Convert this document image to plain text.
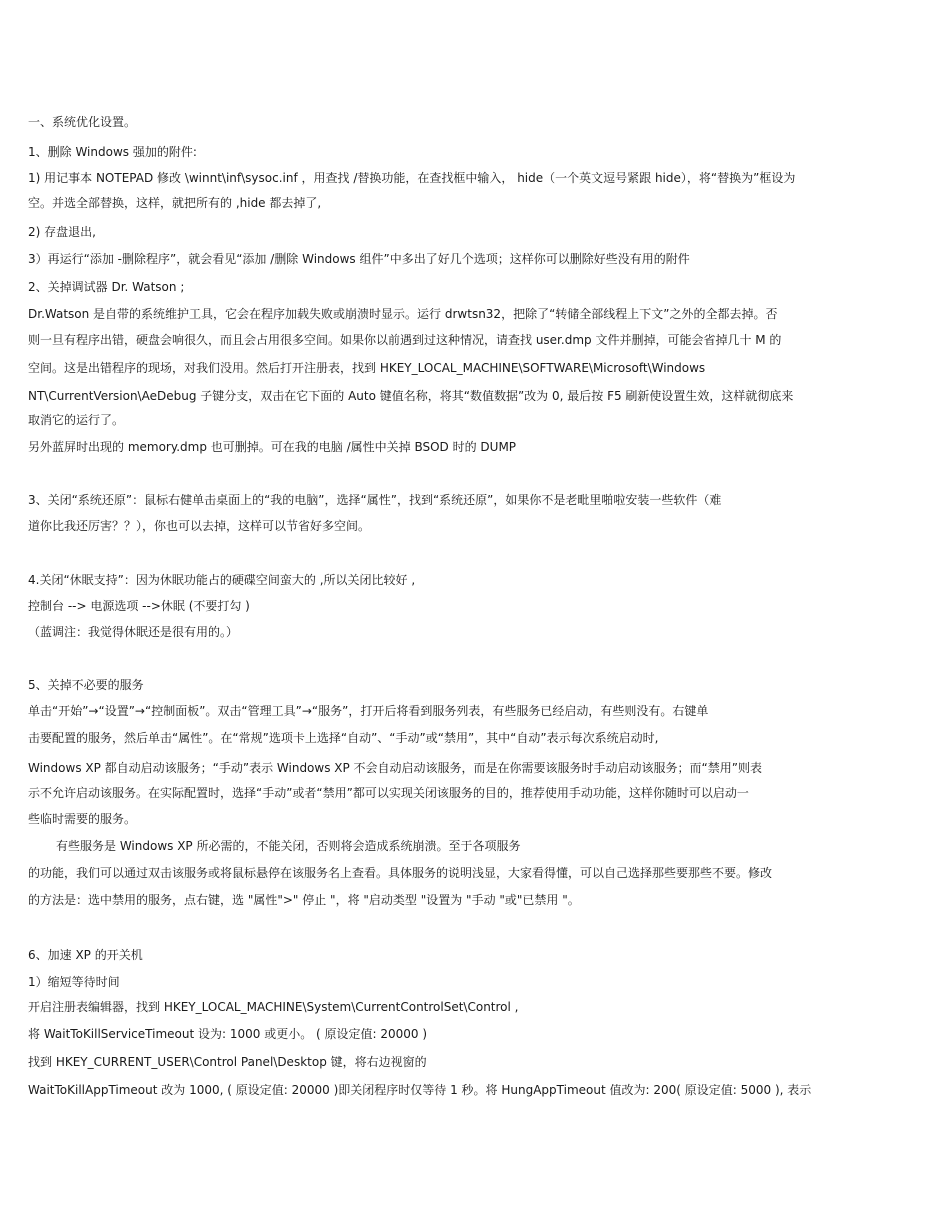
一、系统优化设置。
1、删除 Windows 强加的附件:
1) 用记事本 NOTEPAD 修改 \winnt\inf\sysoc.inf ，用查找 /替换功能，在查找框中输入， hide（一个英文逗号紧跟 hide），将“替换为”框设为
空。并选全部替换，这样，就把所有的 ,hide 都去掉了,
2) 存盘退出,
3）再运行“添加 -删除程序”，就会看见“添加 /删除 Windows 组件”中多出了好几个选项；这样你可以删除好些没有用的附件
2、关掉调试器 Dr. Watson ;
Dr.Watson 是自带的系统维护工具，它会在程序加载失败或崩溃时显示。运行 drwtsn32，把除了“转储全部线程上下文”之外的全都去掉。否
则一旦有程序出错，硬盘会响很久，而且会占用很多空间。如果你以前遇到过这种情况，请查找 user.dmp 文件并删掉，可能会省掉几十 M 的
空间。这是出错程序的现场，对我们没用。然后打开注册表，找到 HKEY_LOCAL_MACHINE\SOFTWARE\Microsoft\Windows
NT\CurrentVersion\AeDebug 子键分支，双击在它下面的 Auto 键值名称，将其“数值数据”改为 0, 最后按 F5 刷新使设置生效，这样就彻底来
取消它的运行了。
另外蓝屏时出现的 memory.dmp 也可删掉。可在我的电脑 /属性中关掉 BSOD 时的 DUMP
3、关闭“系统还原”：鼠标右健单击桌面上的“我的电脑”，选择“属性”，找到“系统还原”，如果你不是老毗里啪啦安装一些软件（难
道你比我还厉害？？），你也可以去掉，这样可以节省好多空间。
4.关闭“休眠支持”：因为休眠功能占的硬碟空间蛮大的 ,所以关闭比较好 ,
控制台 --> 电源选项 -->休眠 (不要打勾 )
（蓝调注：我觉得休眠还是很有用的。）
5、关掉不必要的服务
单击“开始”→“设置”→“控制面板”。双击“管理工具”→“服务”，打开后将看到服务列表，有些服务已经启动，有些则没有。右键单
击要配置的服务，然后单击“属性”。在“常规”选项卡上选择“自动”、“手动”或“禁用”，其中“自动”表示每次系统启动时,
Windows XP 都自动启动该服务；“手动”表示 Windows XP 不会自动启动该服务，而是在你需要该服务时手动启动该服务；而“禁用”则表
示不允许启动该服务。在实际配置时，选择“手动”或者“禁用”都可以实现关闭该服务的目的，推荐使用手动功能，这样你随时可以启动一
些临时需要的服务。
有些服务是 Windows XP 所必需的，不能关闭，否则将会造成系统崩溃。至于各项服务
的功能，我们可以通过双击该服务或将鼠标悬停在该服务名上查看。具体服务的说明浅显，大家看得懂，可以自己选择那些要那些不要。修改
的方法是：选中禁用的服务，点右键，选 "属性">" 停止 "，将 "启动类型 "设置为 "手动 "或"已禁用 "。
6、加速 XP 的开关机
1）缩短等待时间
开启注册表编辑器，找到 HKEY_LOCAL_MACHINE\System\CurrentControlSet\Control ,
将 WaitToKillServiceTimeout 设为: 1000 或更小。 ( 原设定值: 20000 )
找到 HKEY_CURRENT_USER\Control Panel\Desktop 键，将右边视窗的
WaitToKillAppTimeout 改为 1000, ( 原设定值: 20000 )即关闭程序时仅等待 1 秒。将 HungAppTimeout 值改为: 200( 原设定值: 5000 ), 表示
